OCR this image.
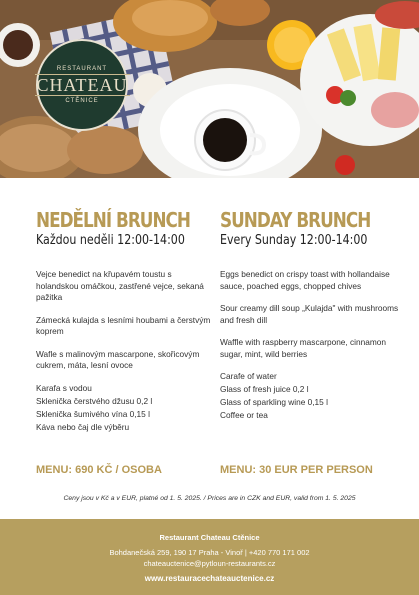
RESTAURANT
CHATEAU
CTĚNICE
NEDĚLNÍ BRUNCH
Každou neděli 12:00-14:00
Vejce benedict na křupavém toustu s holandskou omáčkou, zastřené vejce, sekaná pažitka
Zámecká kulajda s lesními houbami a čerstvým koprem
Wafle s malinovým mascarpone, skořicovým cukrem, máta, lesní ovoce
Karafa s vodou
Sklenička čerstvého džusu 0,2 l
Sklenička šumivého vína 0,15 l
Káva nebo čaj dle výběru
MENU: 690 KČ / OSOBA
SUNDAY BRUNCH
Every Sunday 12:00-14:00
Eggs benedict on crispy toast with hollandaise sauce, poached eggs, chopped chives
Sour creamy dill soup „Kulajda" with mushrooms and fresh dill
Waffle with raspberry mascarpone, cinnamon sugar, mint, wild berries
Carafe of water
Glass of fresh juice 0,2 l
Glass of sparkling wine 0,15 l
Coffee or tea
MENU: 30 EUR PER PERSON
Ceny jsou v Kč a v EUR, platné od 1. 5. 2025. / Prices are in CZK and EUR, valid from 1. 5. 2025
Restaurant Chateau Ctěnice
Bohdanečská 259, 190 17 Praha - Vinoř | +420 770 171 002
chateauctenice@pytloun-restaurants.cz
www.restauracechateauctenice.cz
